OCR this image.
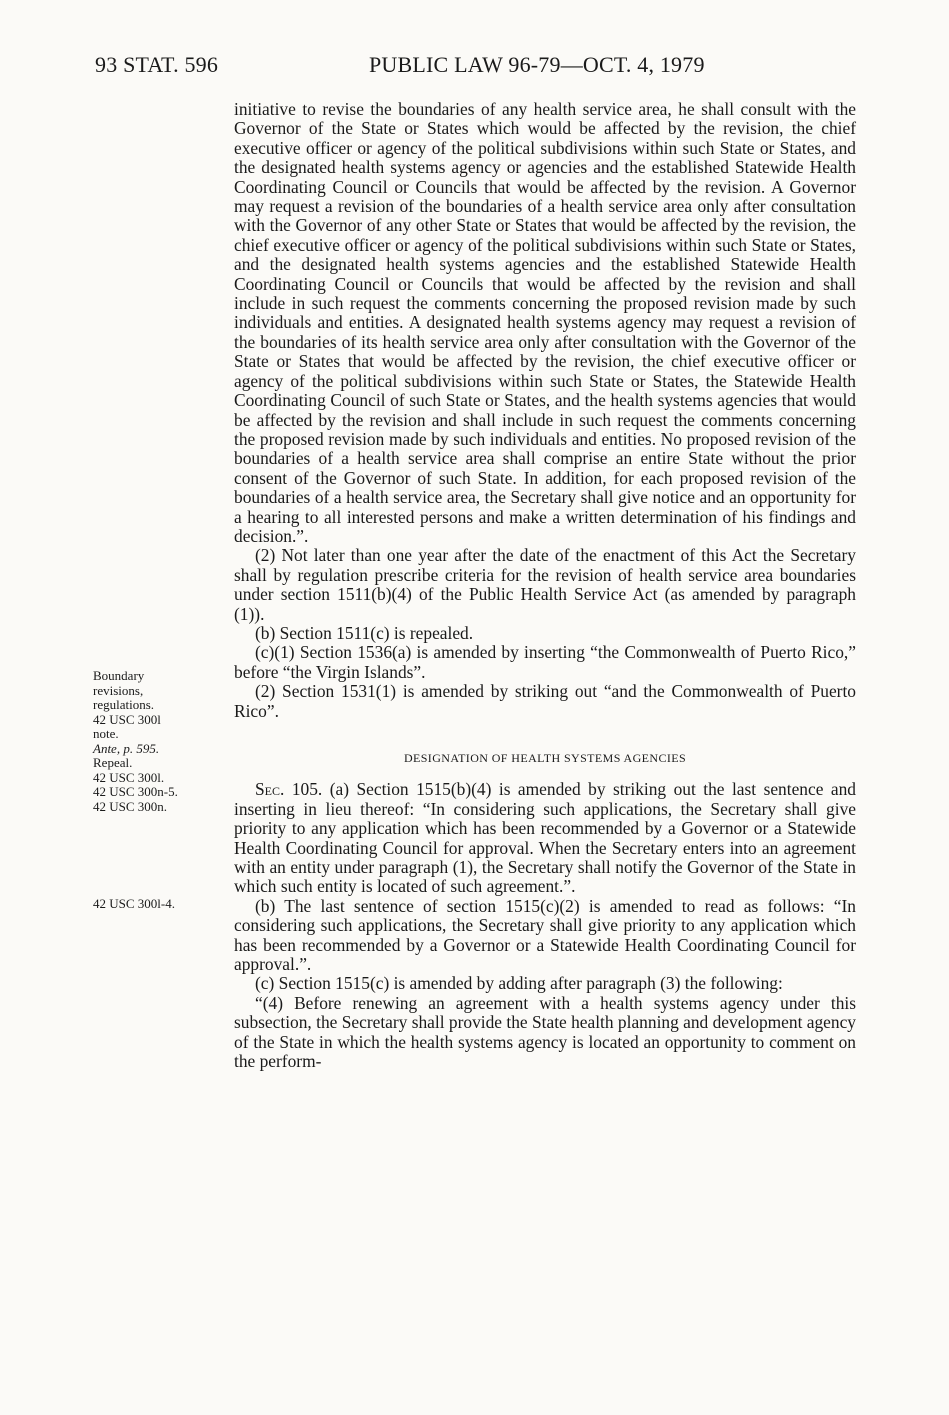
93 STAT. 596	PUBLIC LAW 96-79—OCT. 4, 1979
Boundary
revisions,
regulations.
42 USC 300l
note.
Ante, p. 595.
Repeal.
42 USC 300l.
42 USC 300n-5.
42 USC 300n.
42 USC 300l-4.

initiative to revise the boundaries of any health service area, he shall consult with the Governor of the State or States which would be affected by the revision, the chief executive officer or agency of the political subdivisions within such State or States, and the designated health systems agency or agencies and the established Statewide Health Coordinating Council or Councils that would be affected by the revision. A Governor may request a revision of the boundaries of a health service area only after consultation with the Governor of any other State or States that would be affected by the revision, the chief executive officer or agency of the political subdivisions within such State or States, and the designated health systems agencies and the established Statewide Health Coordinating Council or Councils that would be affected by the revision and shall include in such request the comments concerning the proposed revision made by such individuals and entities. A designated health systems agency may request a revision of the boundaries of its health service area only after consultation with the Governor of the State or States that would be affected by the revision, the chief executive officer or agency of the political subdivisions within such State or States, the Statewide Health Coordinating Council of such State or States, and the health systems agencies that would be affected by the revision and shall include in such request the comments concerning the proposed revision made by such individuals and entities. No proposed revision of the boundaries of a health service area shall comprise an entire State without the prior consent of the Governor of such State. In addition, for each proposed revision of the boundaries of a health service area, the Secretary shall give notice and an opportunity for a hearing to all interested persons and make a written determination of his findings and decision.”.

(2) Not later than one year after the date of the enactment of this Act the Secretary shall by regulation prescribe criteria for the revision of health service area boundaries under section 1511(b)(4) of the Public Health Service Act (as amended by paragraph (1)).

(b) Section 1511(c) is repealed.

(c)(1) Section 1536(a) is amended by inserting “the Commonwealth of Puerto Rico,” before “the Virgin Islands”.

(2) Section 1531(1) is amended by striking out “and the Commonwealth of Puerto Rico”.

DESIGNATION OF HEALTH SYSTEMS AGENCIES

Sec. 105. (a) Section 1515(b)(4) is amended by striking out the last sentence and inserting in lieu thereof: “In considering such applications, the Secretary shall give priority to any application which has been recommended by a Governor or a Statewide Health Coordinating Council for approval. When the Secretary enters into an agreement with an entity under paragraph (1), the Secretary shall notify the Governor of the State in which such entity is located of such agreement.”.

(b) The last sentence of section 1515(c)(2) is amended to read as follows: “In considering such applications, the Secretary shall give priority to any application which has been recommended by a Governor or a Statewide Health Coordinating Council for approval.”.

(c) Section 1515(c) is amended by adding after paragraph (3) the following:

“(4) Before renewing an agreement with a health systems agency under this subsection, the Secretary shall provide the State health planning and development agency of the State in which the health systems agency is located an opportunity to comment on the perform-
